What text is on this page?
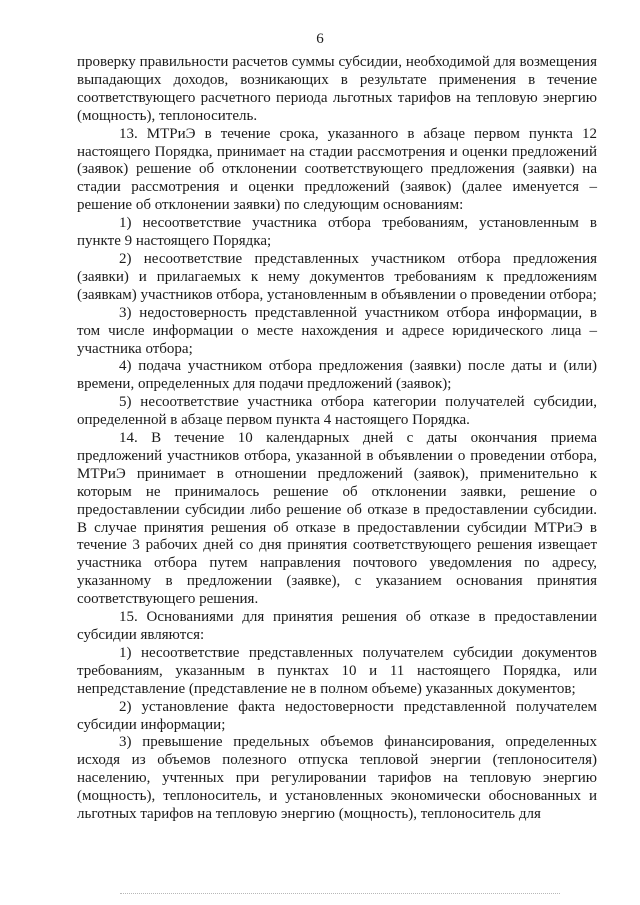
6

проверку правильности расчетов суммы субсидии, необходимой для возмещения выпадающих доходов, возникающих в результате применения в течение соответствующего расчетного периода льготных тарифов на тепловую энергию (мощность), теплоноситель.

13. МТРиЭ в течение срока, указанного в абзаце первом пункта 12 настоящего Порядка, принимает на стадии рассмотрения и оценки предложений (заявок) решение об отклонении соответствующего предложения (заявки) на стадии рассмотрения и оценки предложений (заявок) (далее именуется – решение об отклонении заявки) по следующим основаниям:

1) несоответствие участника отбора требованиям, установленным в пункте 9 настоящего Порядка;

2) несоответствие представленных участником отбора предложения (заявки) и прилагаемых к нему документов требованиям к предложениям (заявкам) участников отбора, установленным в объявлении о проведении отбора;

3) недостоверность представленной участником отбора информации, в том числе информации о месте нахождения и адресе юридического лица – участника отбора;

4) подача участником отбора предложения (заявки) после даты и (или) времени, определенных для подачи предложений (заявок);

5) несоответствие участника отбора категории получателей субсидии, определенной в абзаце первом пункта 4 настоящего Порядка.

14. В течение 10 календарных дней с даты окончания приема предложений участников отбора, указанной в объявлении о проведении отбора, МТРиЭ принимает в отношении предложений (заявок), применительно к которым не принималось решение об отклонении заявки, решение о предоставлении субсидии либо решение об отказе в предоставлении субсидии. В случае принятия решения об отказе в предоставлении субсидии МТРиЭ в течение 3 рабочих дней со дня принятия соответствующего решения извещает участника отбора путем направления почтового уведомления по адресу, указанному в предложении (заявке), с указанием основания принятия соответствующего решения.

15. Основаниями для принятия решения об отказе в предоставлении субсидии являются:

1) несоответствие представленных получателем субсидии документов требованиям, указанным в пунктах 10 и 11 настоящего Порядка, или непредставление (представление не в полном объеме) указанных документов;

2) установление факта недостоверности представленной получателем субсидии информации;

3) превышение предельных объемов финансирования, определенных исходя из объемов полезного отпуска тепловой энергии (теплоносителя) населению, учтенных при регулировании тарифов на тепловую энергию (мощность), теплоноситель, и установленных экономически обоснованных и льготных тарифов на тепловую энергию (мощность), теплоноситель для
